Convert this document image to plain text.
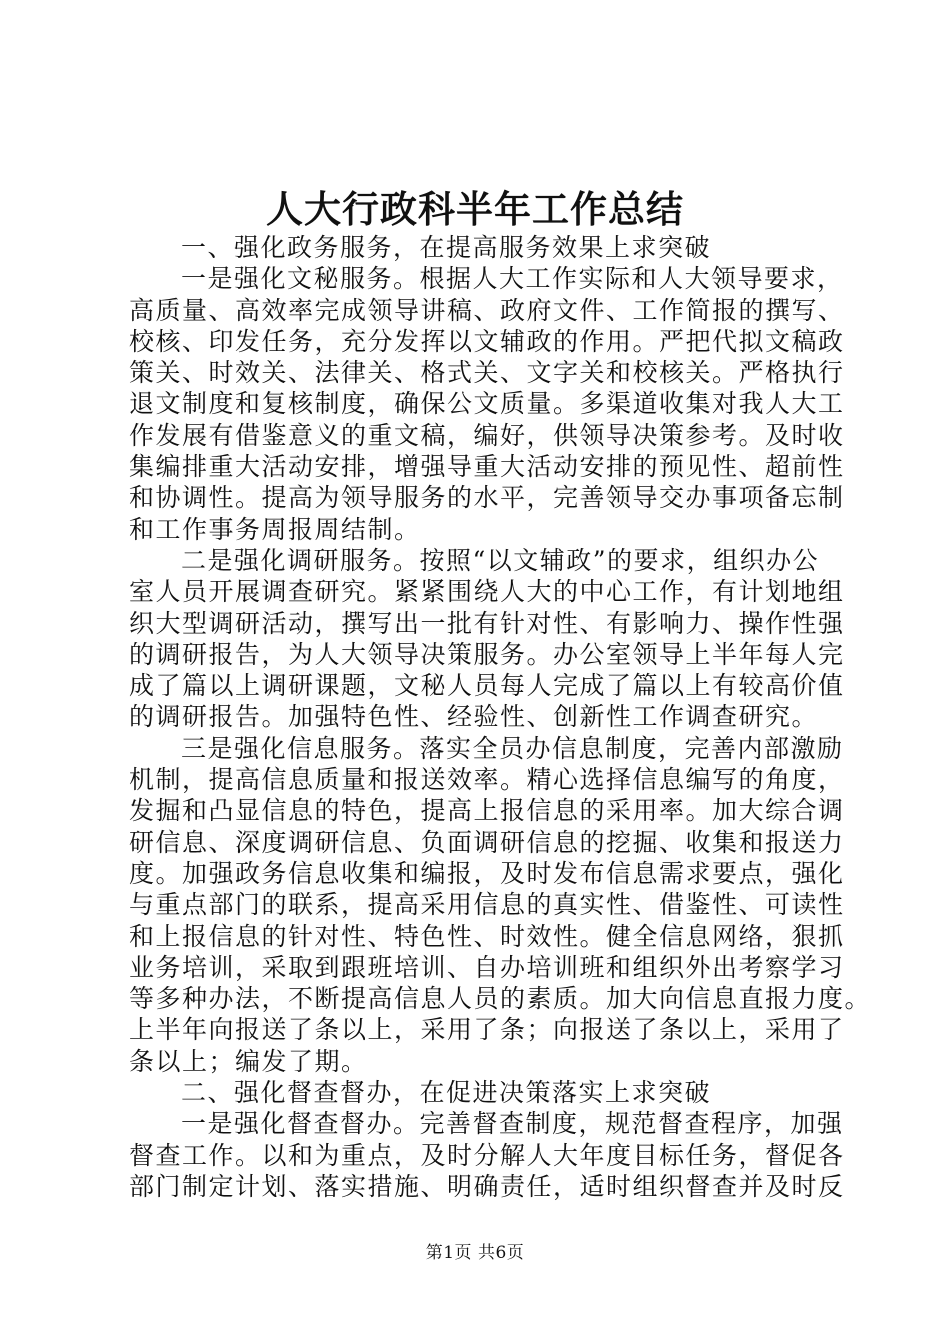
人大行政科半年工作总结
一、强化政务服务，在提高服务效果上求突破
一是强化文秘服务。根据人大工作实际和人大领导要求，
高质量、高效率完成领导讲稿、政府文件、工作简报的撰写、
校核、印发任务，充分发挥以文辅政的作用。严把代拟文稿政
策关、时效关、法律关、格式关、文字关和校核关。严格执行
退文制度和复核制度，确保公文质量。多渠道收集对我人大工
作发展有借鉴意义的重文稿，编好，供领导决策参考。及时收
集编排重大活动安排，增强导重大活动安排的预见性、超前性
和协调性。提高为领导服务的水平，完善领导交办事项备忘制
和工作事务周报周结制。
二是强化调研服务。按照“以文辅政”的要求，组织办公
室人员开展调查研究。紧紧围绕人大的中心工作，有计划地组
织大型调研活动，撰写出一批有针对性、有影响力、操作性强
的调研报告，为人大领导决策服务。办公室领导上半年每人完
成了篇以上调研课题，文秘人员每人完成了篇以上有较高价值
的调研报告。加强特色性、经验性、创新性工作调查研究。
三是强化信息服务。落实全员办信息制度，完善内部激励
机制，提高信息质量和报送效率。精心选择信息编写的角度，
发掘和凸显信息的特色，提高上报信息的采用率。加大综合调
研信息、深度调研信息、负面调研信息的挖掘、收集和报送力
度。加强政务信息收集和编报，及时发布信息需求要点，强化
与重点部门的联系，提高采用信息的真实性、借鉴性、可读性
和上报信息的针对性、特色性、时效性。健全信息网络，狠抓
业务培训，采取到跟班培训、自办培训班和组织外出考察学习
等多种办法，不断提高信息人员的素质。加大向信息直报力度。
上半年向报送了条以上，采用了条；向报送了条以上，采用了
条以上；编发了期。
二、强化督查督办，在促进决策落实上求突破
一是强化督查督办。完善督查制度，规范督查程序，加强
督查工作。以和为重点，及时分解人大年度目标任务，督促各
部门制定计划、落实措施、明确责任，适时组织督查并及时反
第1页 共6页
